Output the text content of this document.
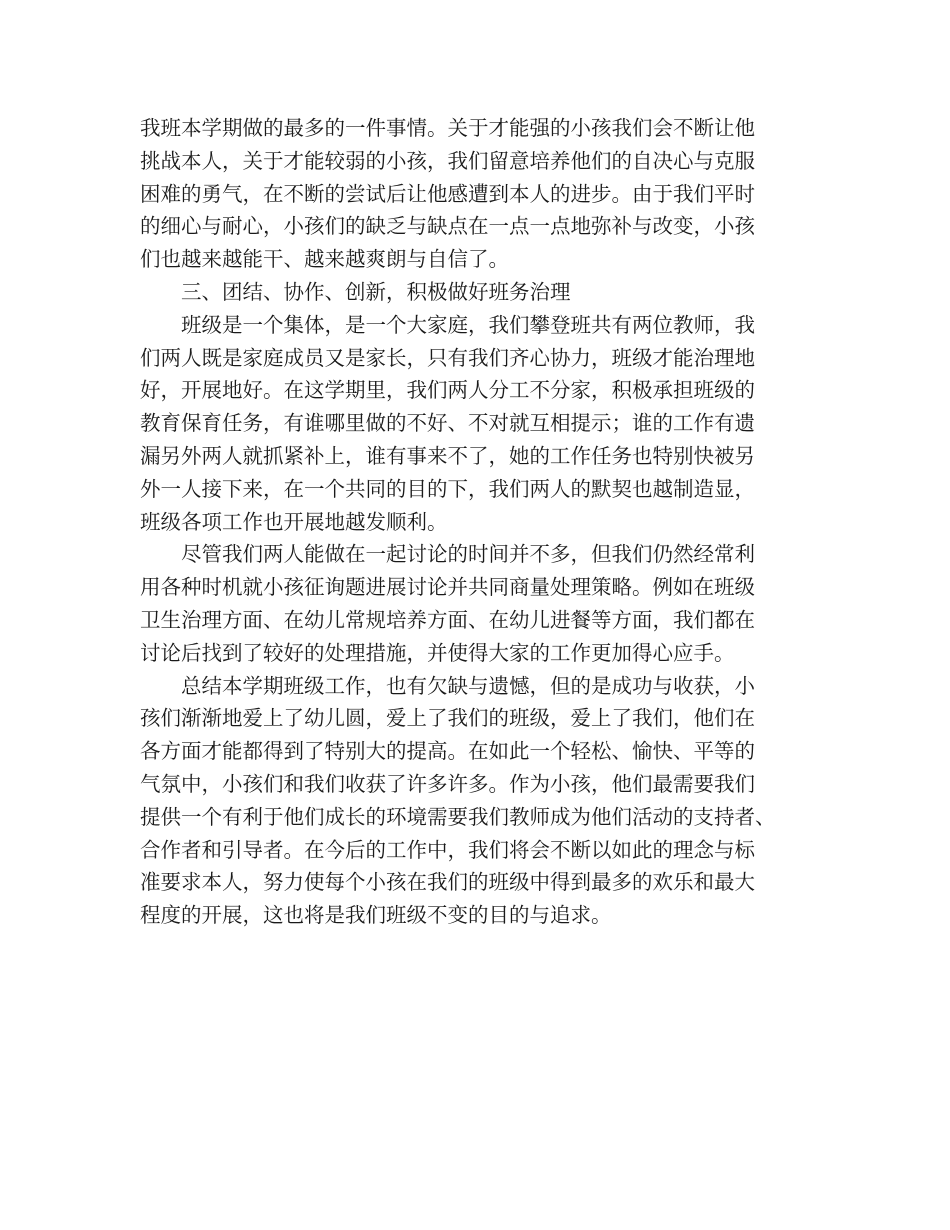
我班本学期做的最多的一件事情。关于才能强的小孩我们会不断让他
挑战本人，关于才能较弱的小孩，我们留意培养他们的自决心与克服
困难的勇气，在不断的尝试后让他感遭到本人的进步。由于我们平时
的细心与耐心，小孩们的缺乏与缺点在一点一点地弥补与改变，小孩
们也越来越能干、越来越爽朗与自信了。
三、团结、协作、创新，积极做好班务治理
班级是一个集体，是一个大家庭，我们攀登班共有两位教师，我
们两人既是家庭成员又是家长，只有我们齐心协力，班级才能治理地
好，开展地好。在这学期里，我们两人分工不分家，积极承担班级的
教育保育任务，有谁哪里做的不好、不对就互相提示；谁的工作有遗
漏另外两人就抓紧补上，谁有事来不了，她的工作任务也特别快被另
外一人接下来，在一个共同的目的下，我们两人的默契也越制造显，
班级各项工作也开展地越发顺利。
尽管我们两人能做在一起讨论的时间并不多，但我们仍然经常利
用各种时机就小孩征询题进展讨论并共同商量处理策略。例如在班级
卫生治理方面、在幼儿常规培养方面、在幼儿进餐等方面，我们都在
讨论后找到了较好的处理措施，并使得大家的工作更加得心应手。
总结本学期班级工作，也有欠缺与遗憾，但的是成功与收获，小
孩们渐渐地爱上了幼儿圆，爱上了我们的班级，爱上了我们，他们在
各方面才能都得到了特别大的提高。在如此一个轻松、愉快、平等的
气氛中，小孩们和我们收获了许多许多。作为小孩，他们最需要我们
提供一个有利于他们成长的环境需要我们教师成为他们活动的支持者、
合作者和引导者。在今后的工作中，我们将会不断以如此的理念与标
准要求本人，努力使每个小孩在我们的班级中得到最多的欢乐和最大
程度的开展，这也将是我们班级不变的目的与追求。
